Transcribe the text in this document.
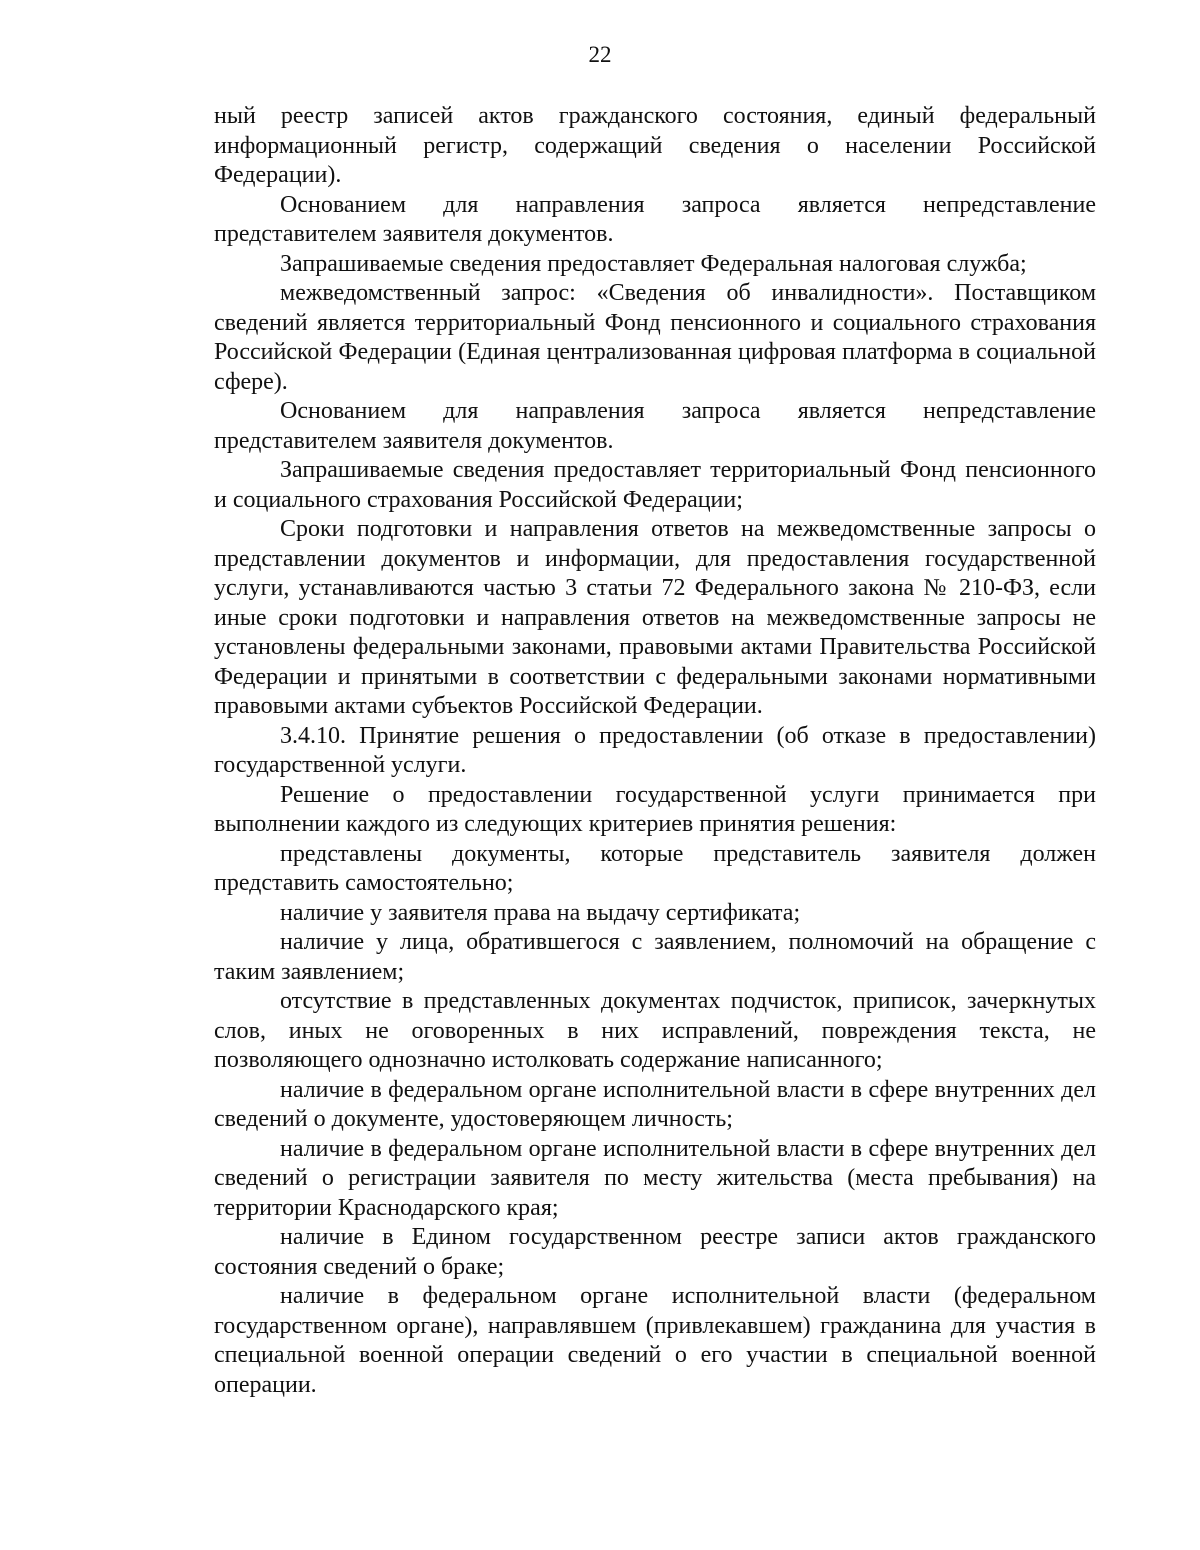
22

ный реестр записей актов гражданского состояния, единый федеральный информационный регистр, содержащий сведения о населении Российской Федерации).

Основанием для направления запроса является непредставление представителем заявителя документов.

Запрашиваемые сведения предоставляет Федеральная налоговая служба;

межведомственный запрос: «Сведения об инвалидности». Поставщиком сведений является территориальный Фонд пенсионного и социального страхования Российской Федерации (Единая централизованная цифровая платформа в социальной сфере).

Основанием для направления запроса является непредставление представителем заявителя документов.

Запрашиваемые сведения предоставляет территориальный Фонд пенсионного и социального страхования Российской Федерации;

Сроки подготовки и направления ответов на межведомственные запросы о представлении документов и информации, для предоставления государственной услуги, устанавливаются частью 3 статьи 72 Федерального закона № 210-ФЗ, если иные сроки подготовки и направления ответов на межведомственные запросы не установлены федеральными законами, правовыми актами Правительства Российской Федерации и принятыми в соответствии с федеральными законами нормативными правовыми актами субъектов Российской Федерации.

3.4.10. Принятие решения о предоставлении (об отказе в предоставлении) государственной услуги.

Решение о предоставлении государственной услуги принимается при выполнении каждого из следующих критериев принятия решения:

представлены документы, которые представитель заявителя должен представить самостоятельно;

наличие у заявителя права на выдачу сертификата;

наличие у лица, обратившегося с заявлением, полномочий на обращение с таким заявлением;

отсутствие в представленных документах подчисток, приписок, зачеркнутых слов, иных не оговоренных в них исправлений, повреждения текста, не позволяющего однозначно истолковать содержание написанного;

наличие в федеральном органе исполнительной власти в сфере внутренних дел сведений о документе, удостоверяющем личность;

наличие в федеральном органе исполнительной власти в сфере внутренних дел сведений о регистрации заявителя по месту жительства (места пребывания) на территории Краснодарского края;

наличие в Едином государственном реестре записи актов гражданского состояния сведений о браке;

наличие в федеральном органе исполнительной власти (федеральном государственном органе), направлявшем (привлекавшем) гражданина для участия в специальной военной операции сведений о его участии в специальной военной операции.
